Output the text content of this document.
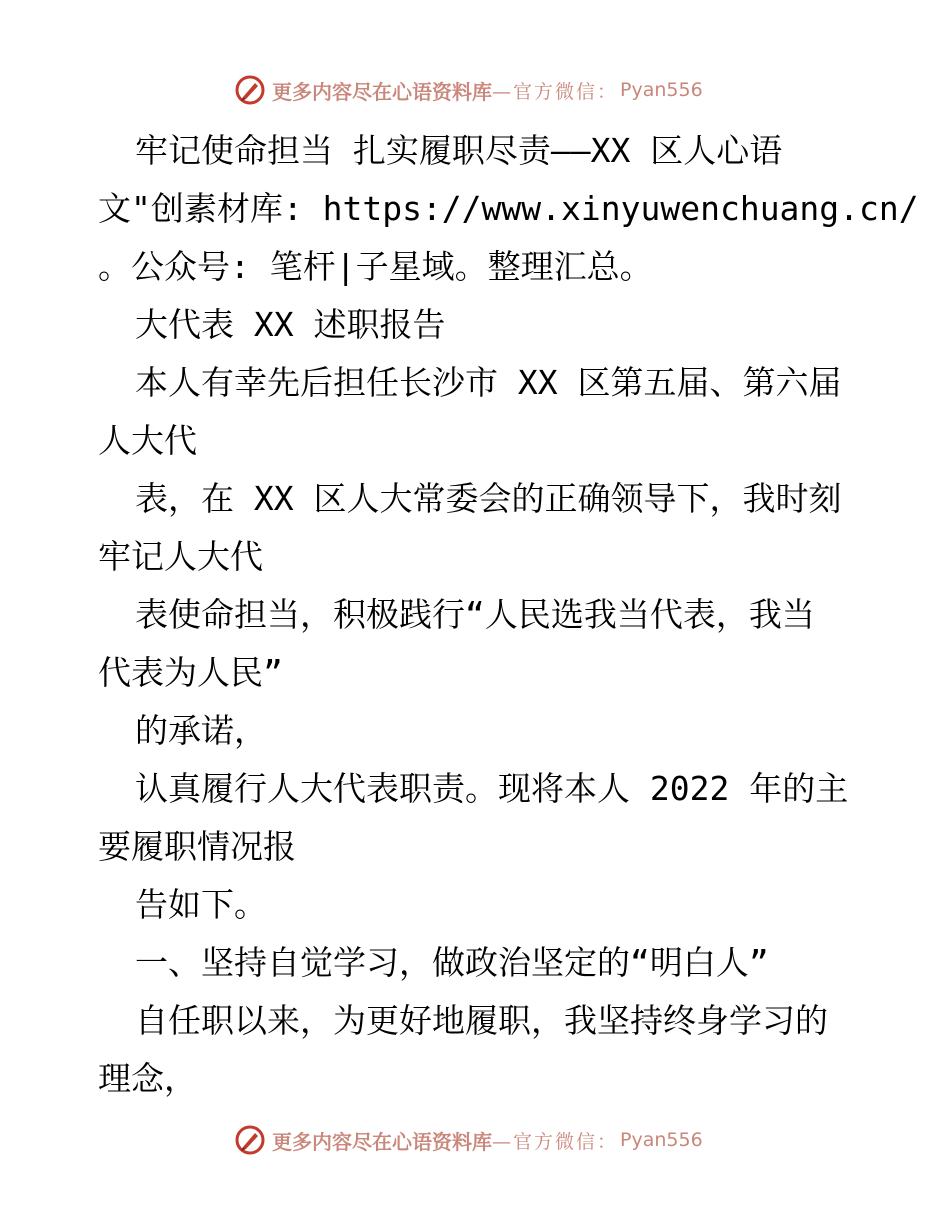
更多内容尽在心语资料库 —官方微信： Pyan556
牢记使命担当 扎实履职尽责——XX 区人心语
文"创素材库: https://www.xinyuwenchuang.cn/
。公众号: 笔杆|子星域。整理汇总。
大代表 XX 述职报告
本人有幸先后担任长沙市 XX 区第五届、第六届
人大代
表，在 XX 区人大常委会的正确领导下，我时刻
牢记人大代
表使命担当，积极践行“人民选我当代表，我当
代表为人民”
的承诺，
认真履行人大代表职责。现将本人 2022 年的主
要履职情况报
告如下。
一、坚持自觉学习，做政治坚定的“明白人”
自任职以来，为更好地履职，我坚持终身学习的
理念，
更多内容尽在心语资料库 —官方微信： Pyan556
